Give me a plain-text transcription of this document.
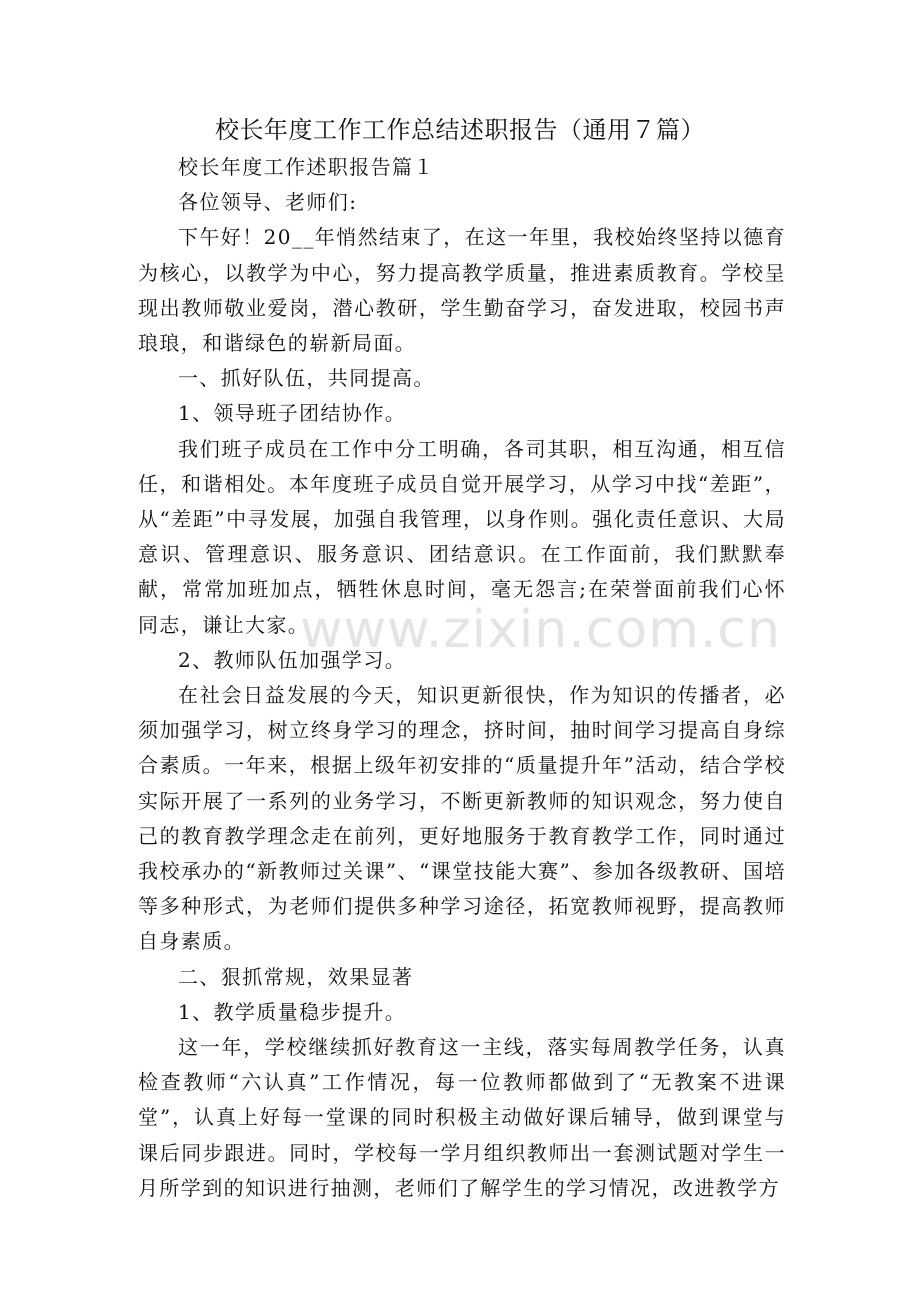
www.zixin.com.cn
校长年度工作工作总结述职报告（通用７篇）

校长年度工作述职报告篇１

各位领导、老师们:

下午好！20__年悄然结束了，在这一年里，我校始终坚持以德育为核心，以教学为中心，努力提高教学质量，推进素质教育。学校呈现出教师敬业爱岗，潜心教研，学生勤奋学习，奋发进取，校园书声琅琅，和谐绿色的崭新局面。

一、抓好队伍，共同提高。

1、领导班子团结协作。

我们班子成员在工作中分工明确，各司其职，相互沟通，相互信任，和谐相处。本年度班子成员自觉开展学习，从学习中找“差距”，从“差距”中寻发展，加强自我管理，以身作则。强化责任意识、大局意识、管理意识、服务意识、团结意识。在工作面前，我们默默奉献，常常加班加点，牺牲休息时间，毫无怨言;在荣誉面前我们心怀同志，谦让大家。

2、教师队伍加强学习。

在社会日益发展的今天，知识更新很快，作为知识的传播者，必须加强学习，树立终身学习的理念，挤时间，抽时间学习提高自身综合素质。一年来，根据上级年初安排的“质量提升年”活动，结合学校实际开展了一系列的业务学习，不断更新教师的知识观念，努力使自己的教育教学理念走在前列，更好地服务于教育教学工作，同时通过我校承办的“新教师过关课”、“课堂技能大赛”、参加各级教研、国培等多种形式，为老师们提供多种学习途径，拓宽教师视野，提高教师自身素质。

二、狠抓常规，效果显著

1、教学质量稳步提升。

这一年，学校继续抓好教育这一主线，落实每周教学任务，认真检查教师“六认真”工作情况，每一位教师都做到了“无教案不进课堂”，认真上好每一堂课的同时积极主动做好课后辅导，做到课堂与课后同步跟进。同时，学校每一学月组织教师出一套测试题对学生一月所学到的知识进行抽测，老师们了解学生的学习情况，改进教学方
